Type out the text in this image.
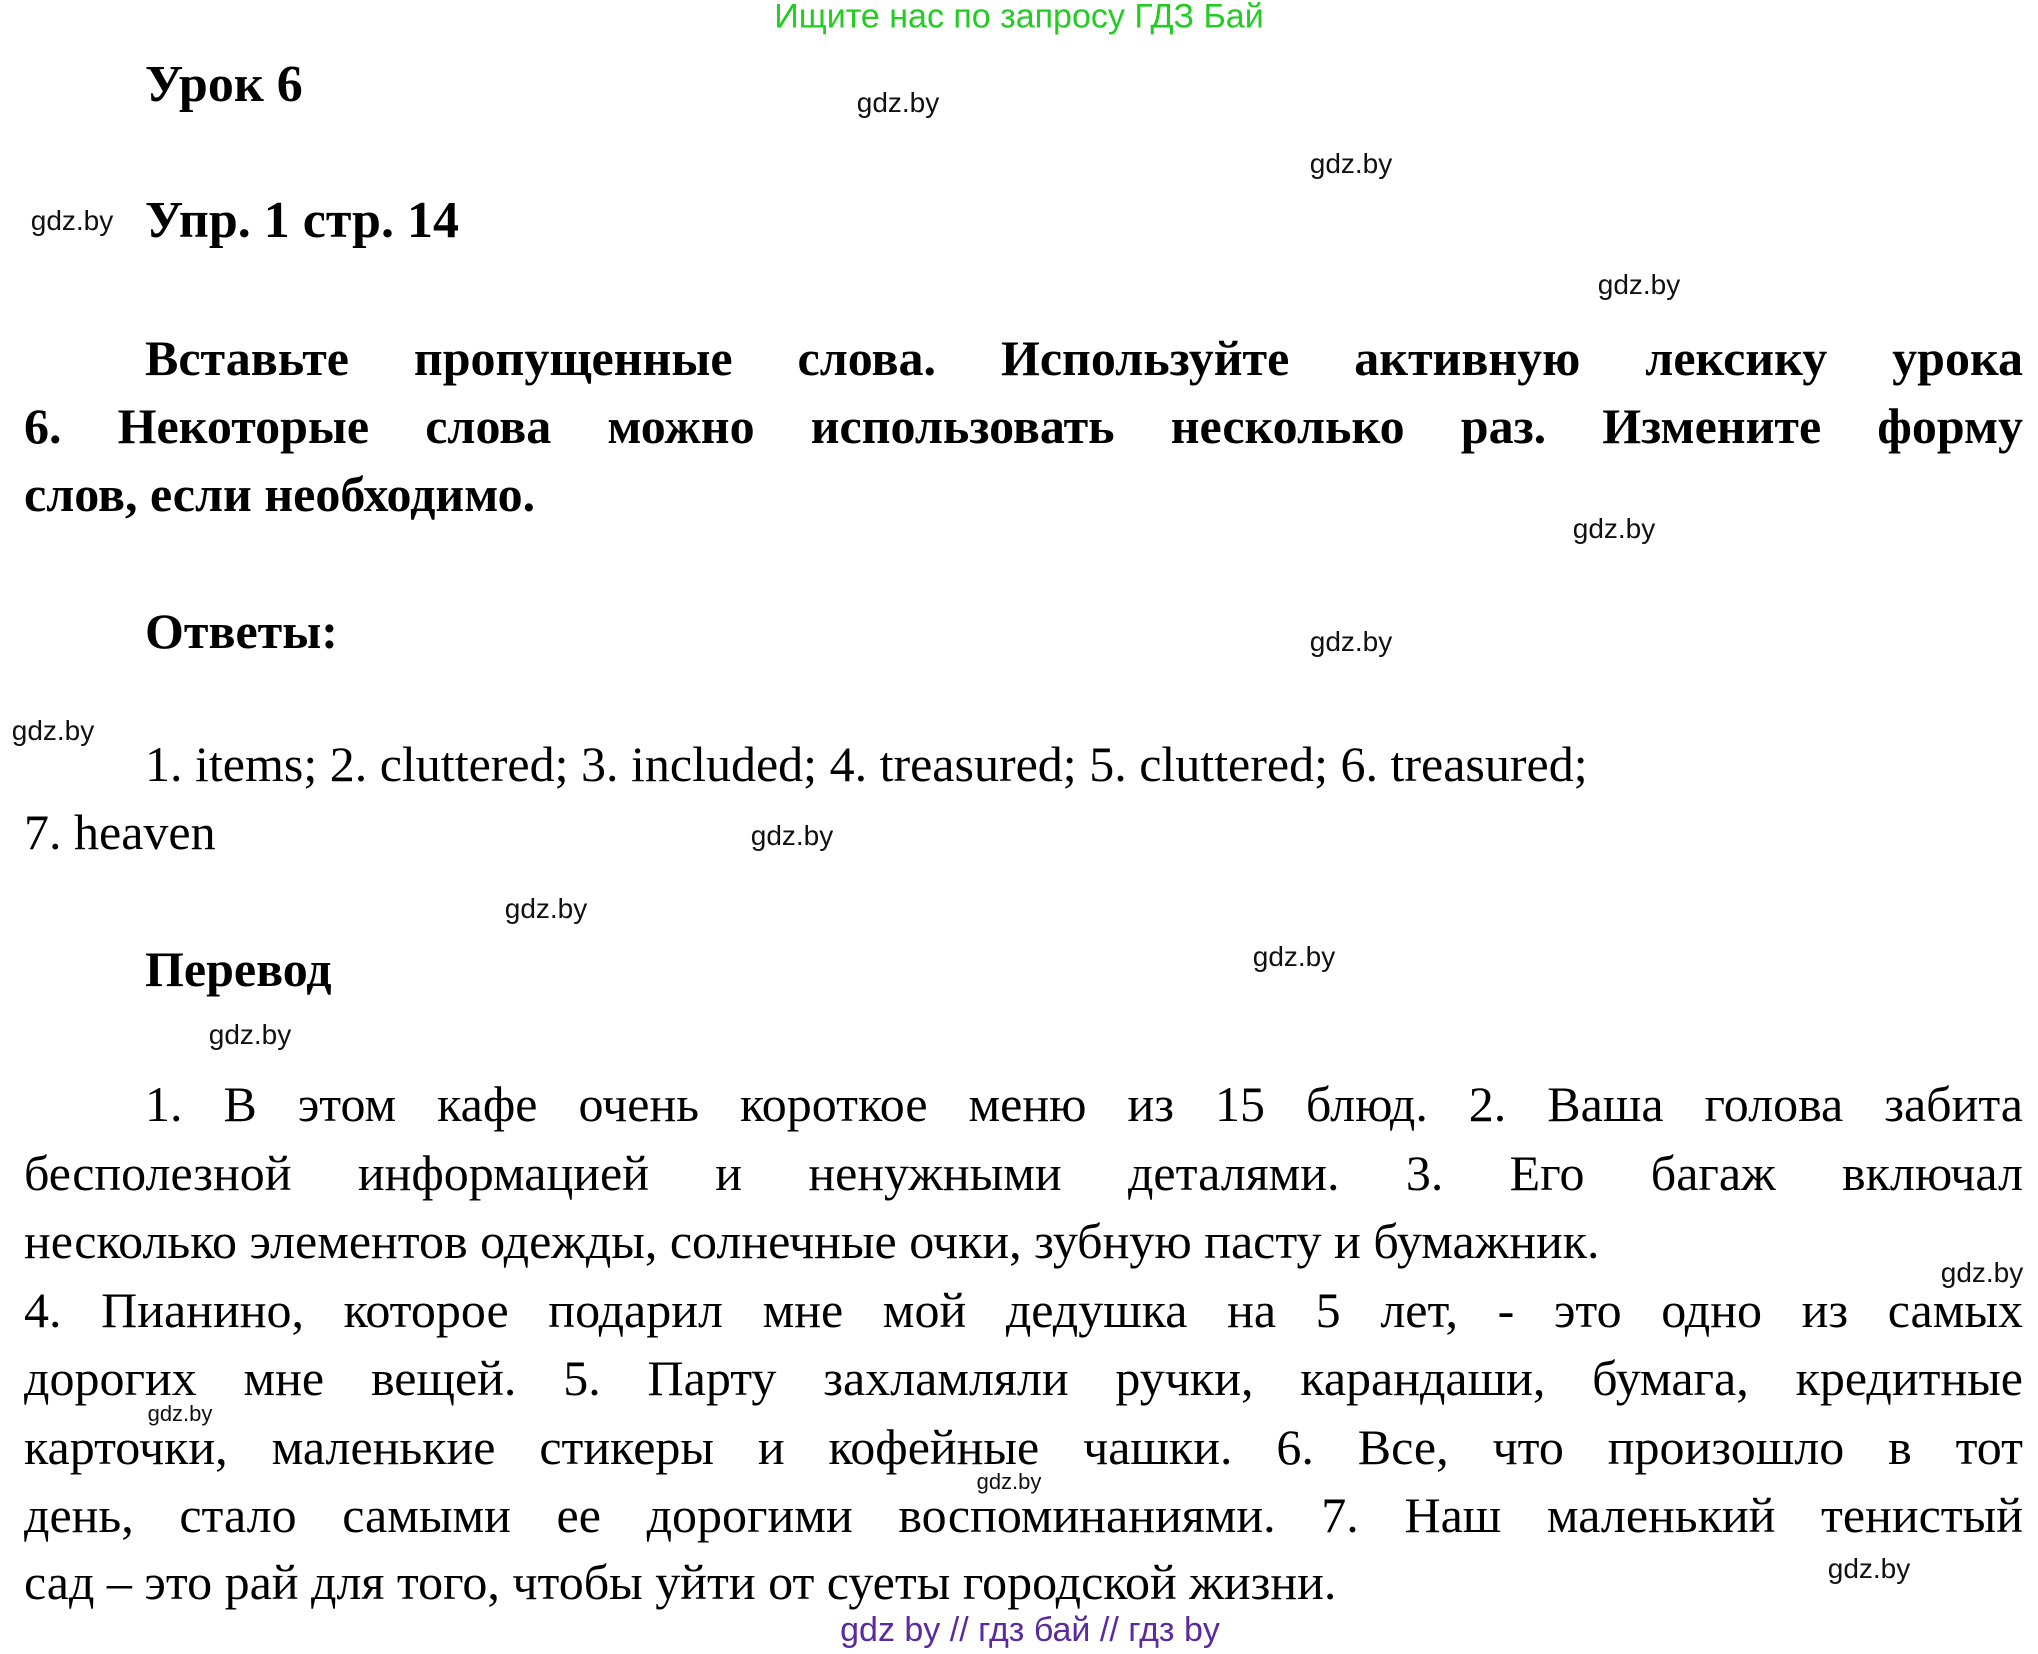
Ищите нас по запросу ГДЗ Бай
Урок 6
Упр. 1 стр. 14
Вставьте пропущенные слова. Используйте активную лексику урока
6. Некоторые слова можно использовать несколько раз. Измените форму
слов, если необходимо.
Ответы:
1. items; 2. cluttered; 3. included; 4. treasured; 5. cluttered; 6. treasured;
7. heaven
Перевод
1. В этом кафе очень короткое меню из 15 блюд. 2. Ваша голова забита
бесполезной информацией и ненужными деталями. 3. Его багаж включал
несколько элементов одежды, солнечные очки, зубную пасту и бумажник.
4. Пианино, которое подарил мне мой дедушка на 5 лет, - это одно из самых
дорогих мне вещей. 5. Парту захламляли ручки, карандаши, бумага, кредитные
карточки, маленькие стикеры и кофейные чашки. 6. Все, что произошло в тот
день, стало самыми ее дорогими воспоминаниями. 7. Наш маленький тенистый
сад – это рай для того, чтобы уйти от суеты городской жизни.
gdz.by
gdz.by
gdz.by
gdz.by
gdz.by
gdz.by
gdz.by
gdz.by
gdz.by
gdz.by
gdz.by
gdz.by
gdz.by
gdz.by
gdz.by
gdz by // гдз бай // гдз by
